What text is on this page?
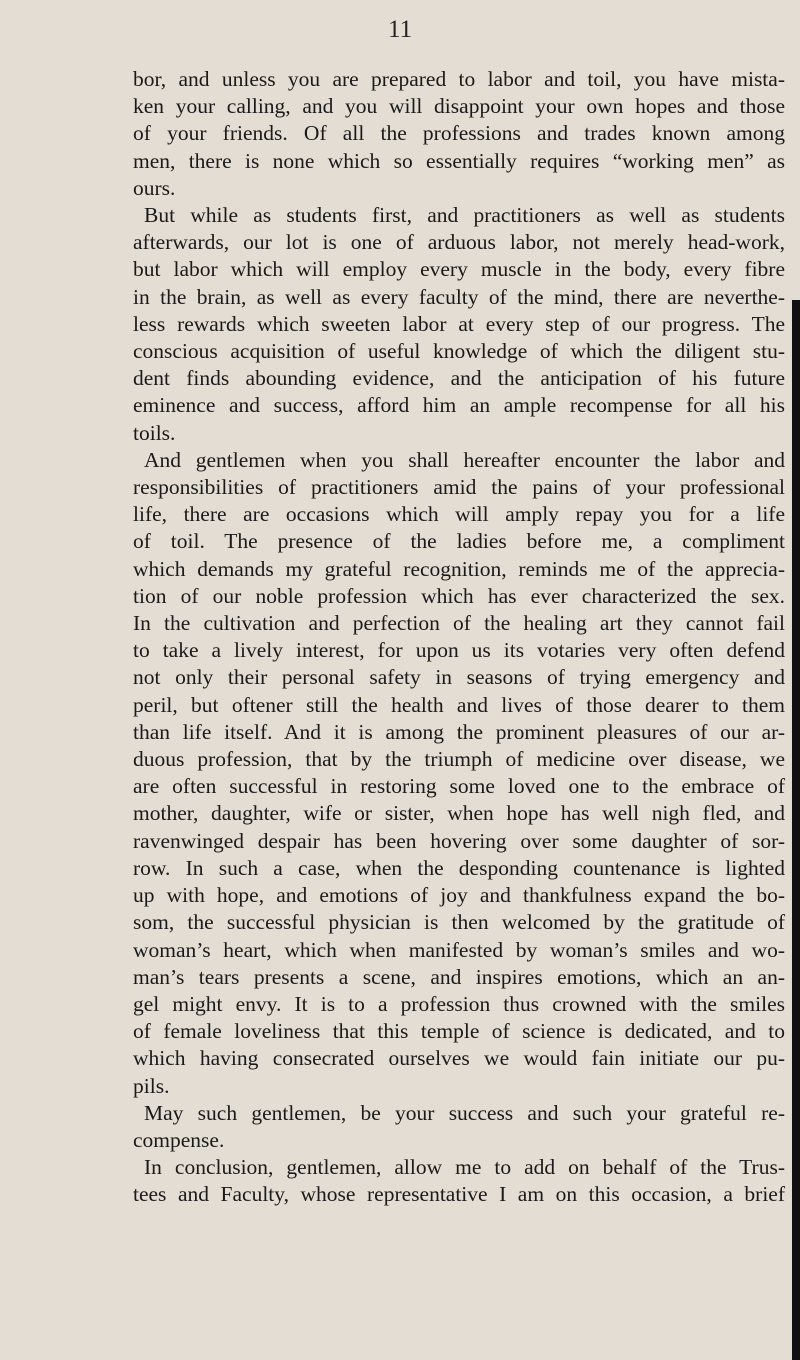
11
bor, and unless you are prepared to labor and toil, you have mista-
ken your calling, and you will disappoint your own hopes and those
of your friends. Of all the professions and trades known among
men, there is none which so essentially requires “working men” as
ours.
But while as students first, and practitioners as well as students
afterwards, our lot is one of arduous labor, not merely head-work,
but labor which will employ every muscle in the body, every fibre
in the brain, as well as every faculty of the mind, there are neverthe-
less rewards which sweeten labor at every step of our progress. The
conscious acquisition of useful knowledge of which the diligent stu-
dent finds abounding evidence, and the anticipation of his future
eminence and success, afford him an ample recompense for all his
toils.
And gentlemen when you shall hereafter encounter the labor and
responsibilities of practitioners amid the pains of your professional
life, there are occasions which will amply repay you for a life
of toil. The presence of the ladies before me, a compliment
which demands my grateful recognition, reminds me of the apprecia-
tion of our noble profession which has ever characterized the sex.
In the cultivation and perfection of the healing art they cannot fail
to take a lively interest, for upon us its votaries very often defend
not only their personal safety in seasons of trying emergency and
peril, but oftener still the health and lives of those dearer to them
than life itself. And it is among the prominent pleasures of our ar-
duous profession, that by the triumph of medicine over disease, we
are often successful in restoring some loved one to the embrace of
mother, daughter, wife or sister, when hope has well nigh fled, and
ravenwinged despair has been hovering over some daughter of sor-
row. In such a case, when the desponding countenance is lighted
up with hope, and emotions of joy and thankfulness expand the bo-
som, the successful physician is then welcomed by the gratitude of
woman’s heart, which when manifested by woman’s smiles and wo-
man’s tears presents a scene, and inspires emotions, which an an-
gel might envy. It is to a profession thus crowned with the smiles
of female loveliness that this temple of science is dedicated, and to
which having consecrated ourselves we would fain initiate our pu-
pils.
May such gentlemen, be your success and such your grateful re-
compense.
In conclusion, gentlemen, allow me to add on behalf of the Trus-
tees and Faculty, whose representative I am on this occasion, a brief
